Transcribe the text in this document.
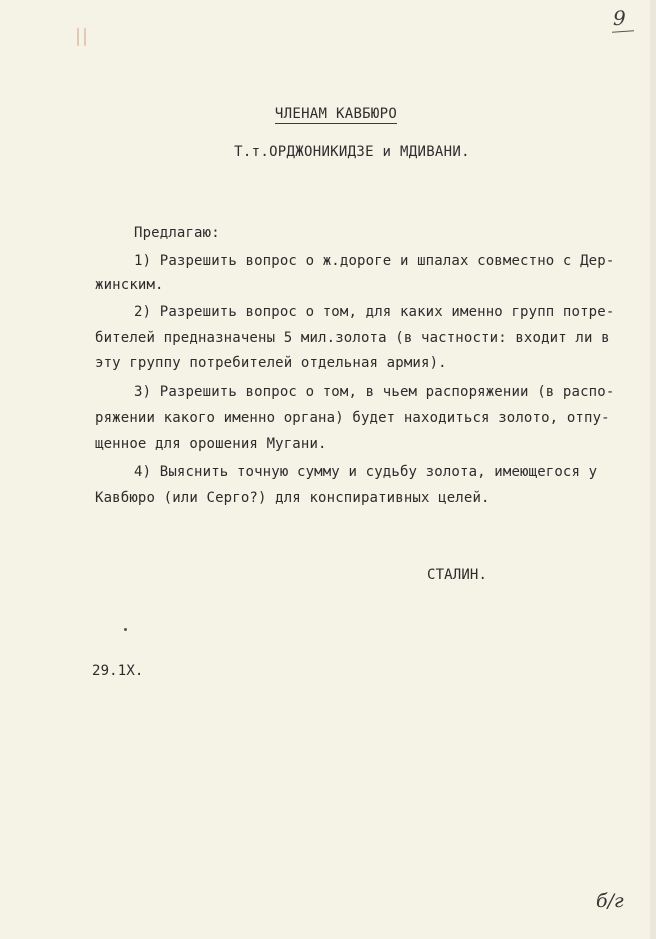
9
ЧЛЕНАМ КАВБЮРО
Т.т.ОРДЖОНИКИДЗЕ и МДИВАНИ.
Предлагаю:
1) Разрешить вопрос о ж.дороге и шпалах совместно с Дер-
жинским.
2) Разрешить вопрос о том, для каких именно групп потре-
бителей предназначены 5 мил.золота (в частности: входит ли в
эту группу потребителей отдельная армия).
3) Разрешить вопрос о том, в чьем распоряжении (в распо-
ряжении какого именно органа) будет находиться золото, отпу-
щенное для орошения Мугани.
4) Выяснить точную сумму и судьбу золота, имеющегося у
Кавбюро (или Серго?) для конспиративных целей.
СТАЛИН.
29.1Х.
б/г
